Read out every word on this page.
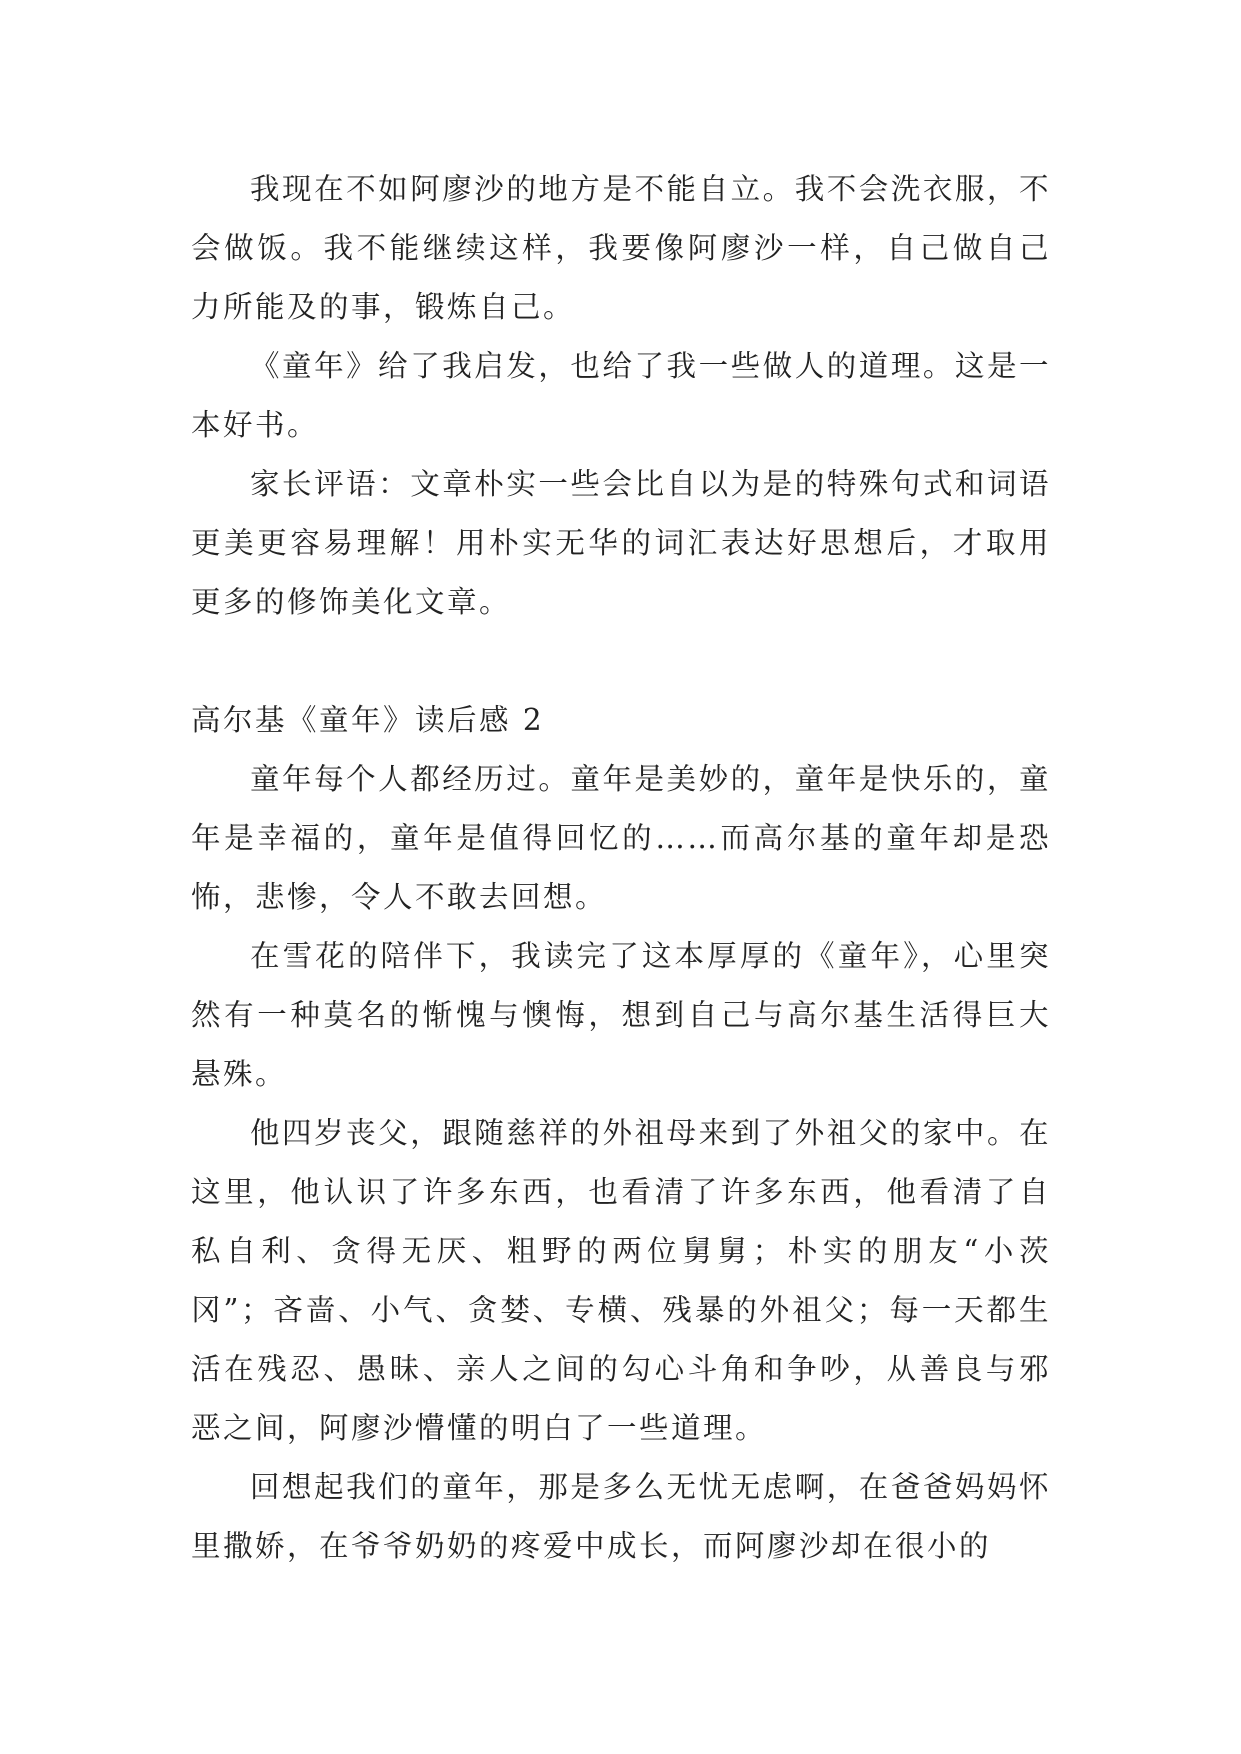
我现在不如阿廖沙的地方是不能自立。我不会洗衣服，不会做饭。我不能继续这样，我要像阿廖沙一样，自己做自己力所能及的事，锻炼自己。

《童年》给了我启发，也给了我一些做人的道理。这是一本好书。

家长评语：文章朴实一些会比自以为是的特殊句式和词语更美更容易理解！用朴实无华的词汇表达好思想后，才取用更多的修饰美化文章。

高尔基《童年》读后感 2

童年每个人都经历过。童年是美妙的，童年是快乐的，童年是幸福的，童年是值得回忆的……而高尔基的童年却是恐怖，悲惨，令人不敢去回想。

在雪花的陪伴下，我读完了这本厚厚的《童年》，心里突然有一种莫名的惭愧与懊悔，想到自己与高尔基生活得巨大悬殊。

他四岁丧父，跟随慈祥的外祖母来到了外祖父的家中。在这里，他认识了许多东西，也看清了许多东西，他看清了自私自利、贪得无厌、粗野的两位舅舅；朴实的朋友“小茨冈”；吝啬、小气、贪婪、专横、残暴的外祖父；每一天都生活在残忍、愚昧、亲人之间的勾心斗角和争吵，从善良与邪恶之间，阿廖沙懵懂的明白了一些道理。

回想起我们的童年，那是多么无忧无虑啊，在爸爸妈妈怀里撒娇，在爷爷奶奶的疼爱中成长，而阿廖沙却在很小的
